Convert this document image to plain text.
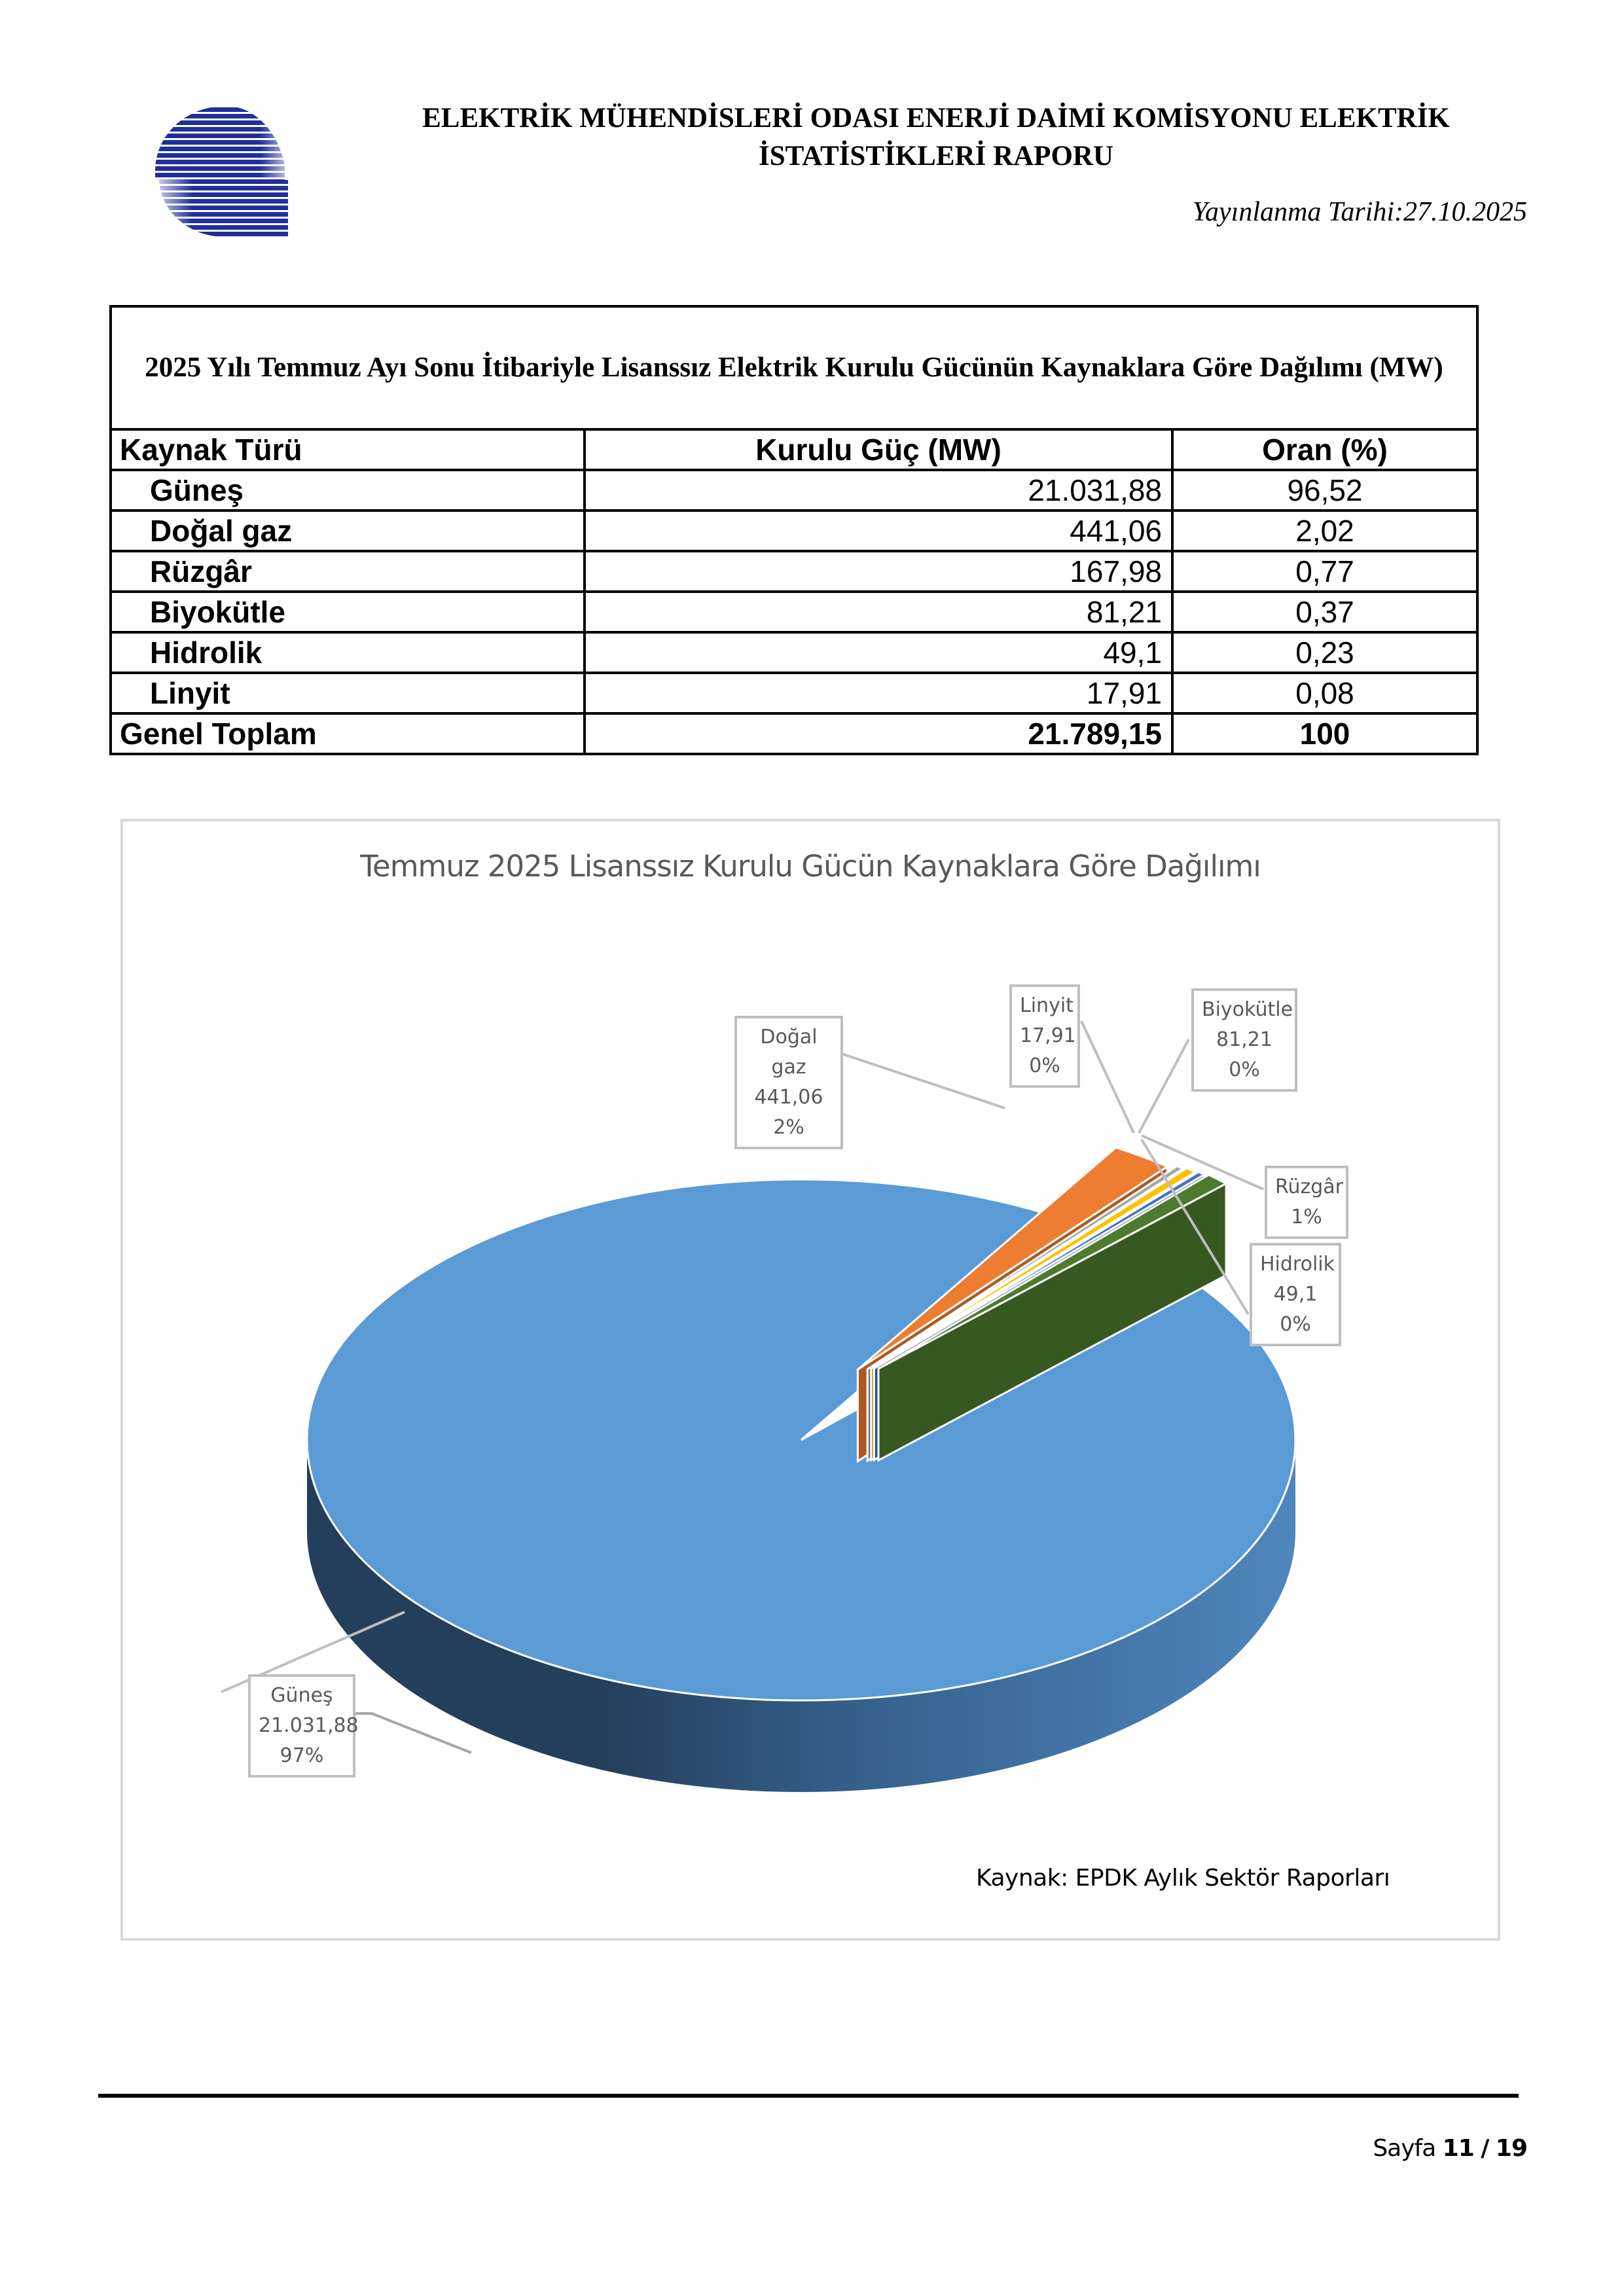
ELEKTRİK MÜHENDİSLERİ ODASI ENERJİ DAİMİ KOMİSYONU ELEKTRİK
İSTATİSTİKLERİ RAPORU
Yayınlanma Tarihi:27.10.2025
2025 Yılı Temmuz Ayı Sonu İtibariyle Lisanssız Elektrik Kurulu Gücünün Kaynaklara Göre Dağılımı (MW)		
Kaynak Türü	Kurulu Güç (MW)	Oran (%)
Güneş	21.031,88	96,52
Doğal gaz	441,06	2,02
Rüzgâr	167,98	0,77
Biyokütle	81,21	0,37
Hidrolik	49,1	0,23
Linyit	17,91	0,08
Genel Toplam	21.789,15	100
Temmuz 2025 Lisanssız Kurulu Gücün Kaynaklara Göre Dağılımı
Güneş
21.031,88
97%
Doğal gaz
441,06
2%
Linyit
17,91
0%
Biyokütle
81,21
0%
Rüzgâr
1%
Hidrolik
49,1
0%
Kaynak: EPDK Aylık Sektör Raporları
Sayfa 11 / 19
